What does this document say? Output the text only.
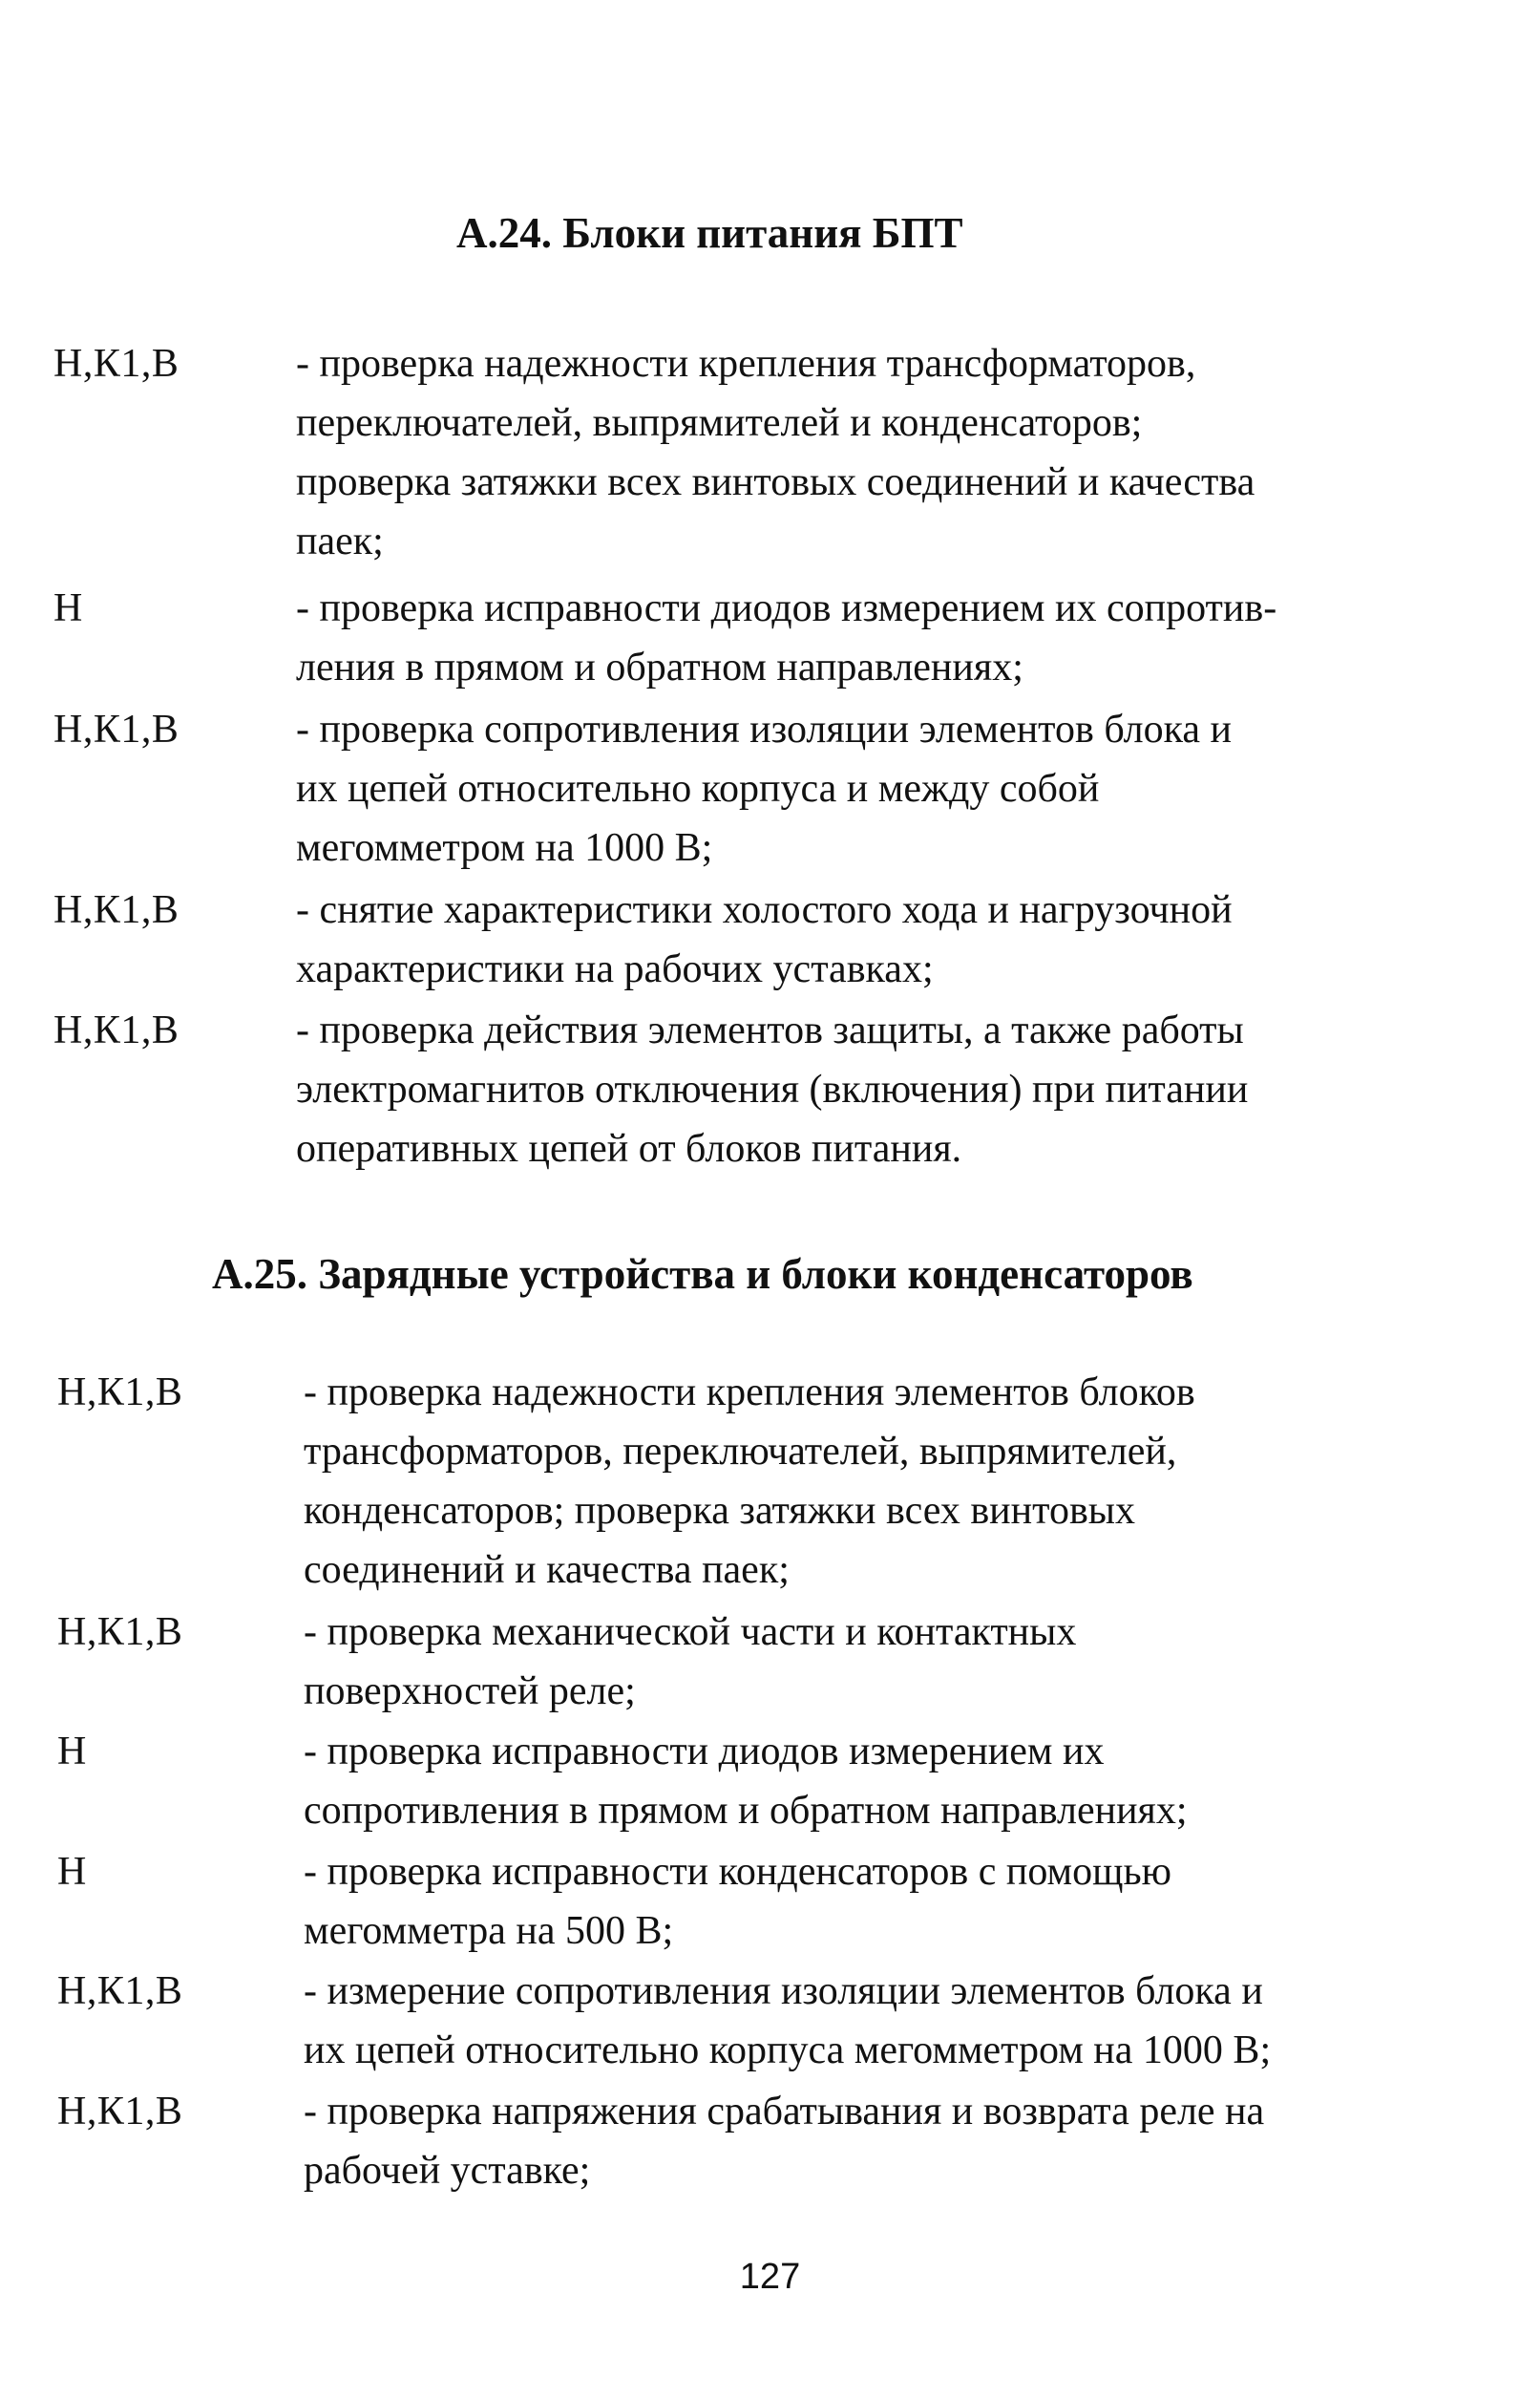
А.24. Блоки питания БПТ
Н,К1,В	- проверка надежности крепления трансформаторов,
переключателей, выпрямителей и конденсаторов;
проверка затяжки всех винтовых соединений и качества
паек;
Н	- проверка исправности диодов измерением их сопротив-
ления в прямом и обратном направлениях;
Н,К1,В	- проверка сопротивления изоляции элементов блока и
их цепей относительно корпуса и между собой
мегомметром на 1000 В;
Н,К1,В	- снятие характеристики холостого хода и нагрузочной
характеристики на рабочих уставках;
Н,К1,В	- проверка действия элементов защиты, а также работы
электромагнитов отключения (включения) при питании
оперативных цепей от блоков питания.
А.25. Зарядные устройства и блоки конденсаторов
Н,К1,В	- проверка надежности крепления элементов блоков
трансформаторов, переключателей, выпрямителей,
конденсаторов; проверка затяжки всех винтовых
соединений и качества паек;
Н,К1,В	- проверка механической части и контактных
поверхностей реле;
Н	- проверка исправности диодов измерением их
сопротивления в прямом и обратном направлениях;
Н	- проверка исправности конденсаторов с помощью
мегомметра на 500 В;
Н,К1,В	- измерение сопротивления изоляции элементов блока и
их цепей относительно корпуса мегомметром на 1000 В;
Н,К1,В	- проверка напряжения срабатывания и возврата реле на
рабочей уставке;
127
